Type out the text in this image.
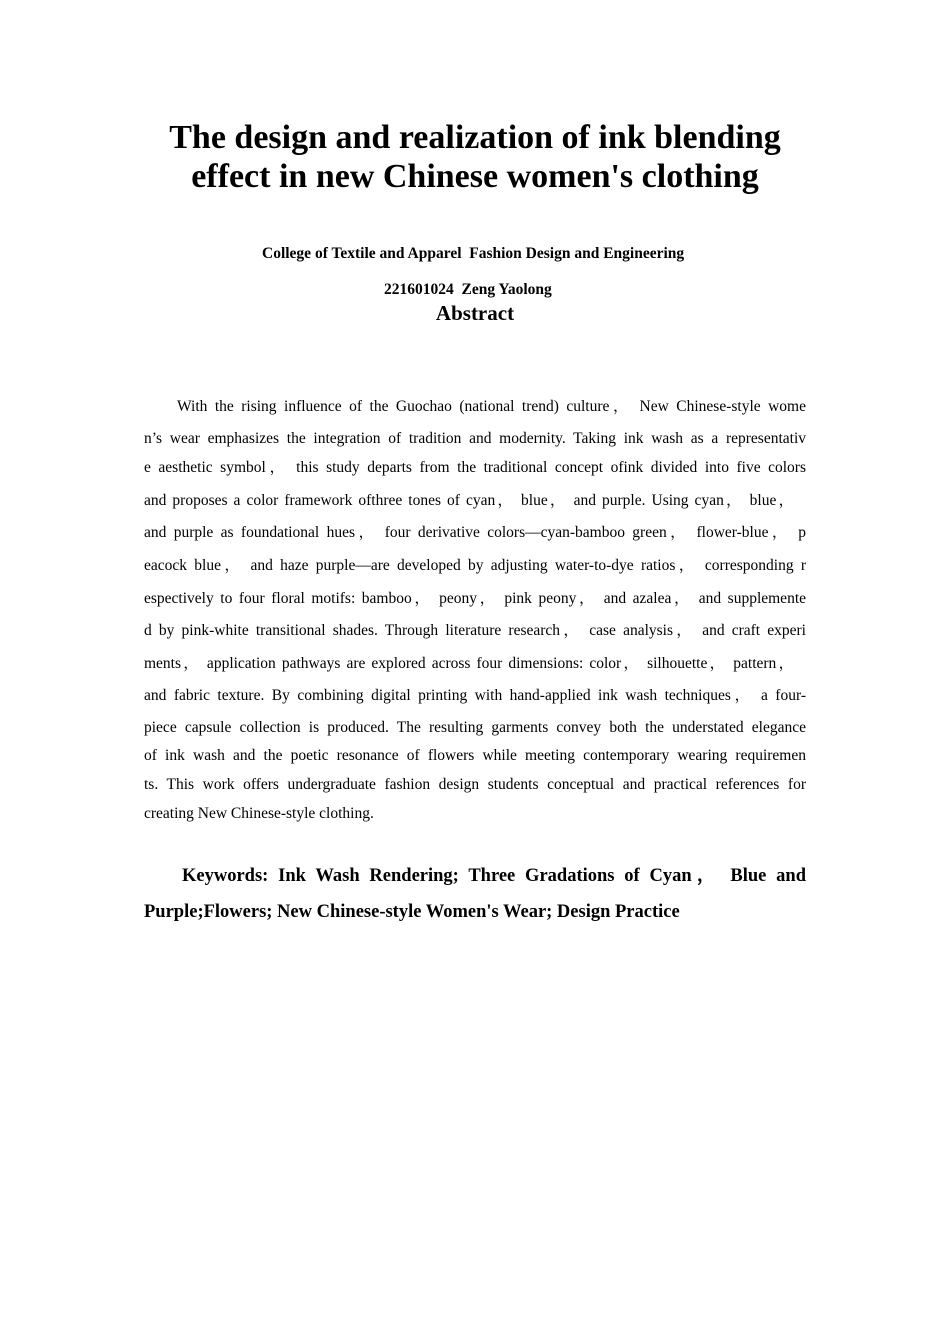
The design and realization of ink blending
effect in new Chinese women's clothing
College of Textile and Apparel  Fashion Design and Engineering
221601024  Zeng Yaolong
Abstract
With the rising influence of the Guochao (national trend) culture， New Chinese-style wome
n’s wear emphasizes the integration of tradition and modernity. Taking ink wash as a representativ
e aesthetic symbol， this study departs from the traditional concept ofink divided into five colors
and proposes a color framework ofthree tones of cyan， blue， and purple. Using cyan， blue，
and purple as foundational hues， four derivative colors—cyan-bamboo green， flower-blue， p
eacock blue， and haze purple—are developed by adjusting water-to-dye ratios， corresponding r
espectively to four floral motifs: bamboo， peony， pink peony， and azalea， and supplemente
d by pink-white transitional shades. Through literature research， case analysis， and craft experi
ments， application pathways are explored across four dimensions: color， silhouette， pattern，
and fabric texture. By combining digital printing with hand-applied ink wash techniques， a four-
piece capsule collection is produced. The resulting garments convey both the understated elegance
of ink wash and the poetic resonance of flowers while meeting contemporary wearing requiremen
ts. This work offers undergraduate fashion design students conceptual and practical references for
creating New Chinese-style clothing.
Keywords: Ink Wash Rendering; Three Gradations of Cyan， Blue and
Purple;Flowers; New Chinese-style Women's Wear; Design Practice
